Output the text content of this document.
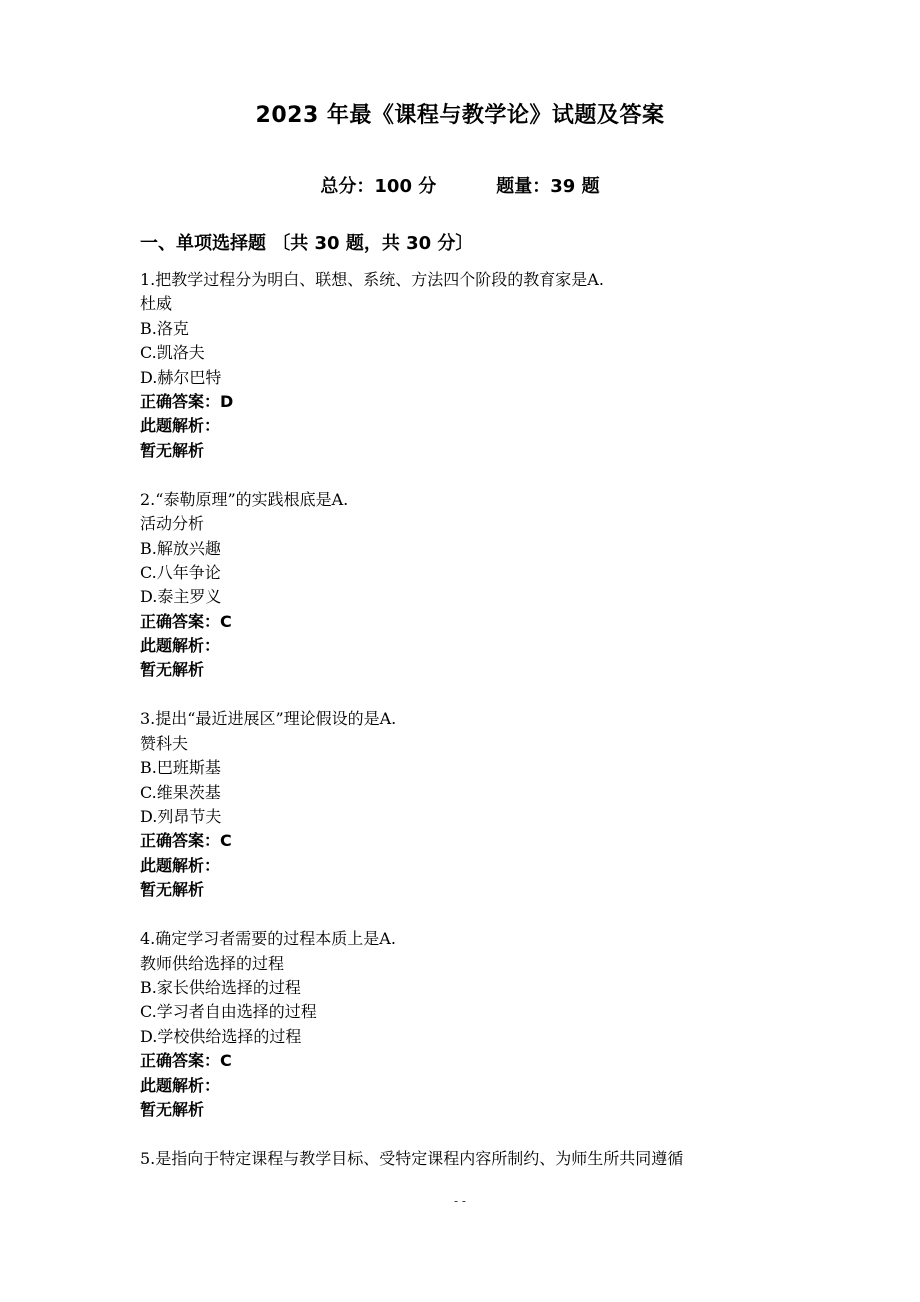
2023 年最《课程与教学论》试题及答案
总分：100 分	题量：39 题
一、单项选择题 〔共 30 题，共 30 分〕
1.把教学过程分为明白、联想、系统、方法四个阶段的教育家是A.
杜威
B.洛克
C.凯洛夫
D.赫尔巴特
正确答案：D
此题解析：
暂无解析
2.“泰勒原理”的实践根底是A.
活动分析
B.解放兴趣
C.八年争论
D.泰主罗义
正确答案：C
此题解析：
暂无解析
3.提出“最近进展区”理论假设的是A.
赞科夫
B.巴班斯基
C.维果茨基
D.列昂节夫
正确答案：C
此题解析：
暂无解析
4.确定学习者需要的过程本质上是A.
教师供给选择的过程
B.家长供给选择的过程
C.学习者自由选择的过程
D.学校供给选择的过程
正确答案：C
此题解析：
暂无解析
5.是指向于特定课程与教学目标、受特定课程内容所制约、为师生所共同遵循
- -
